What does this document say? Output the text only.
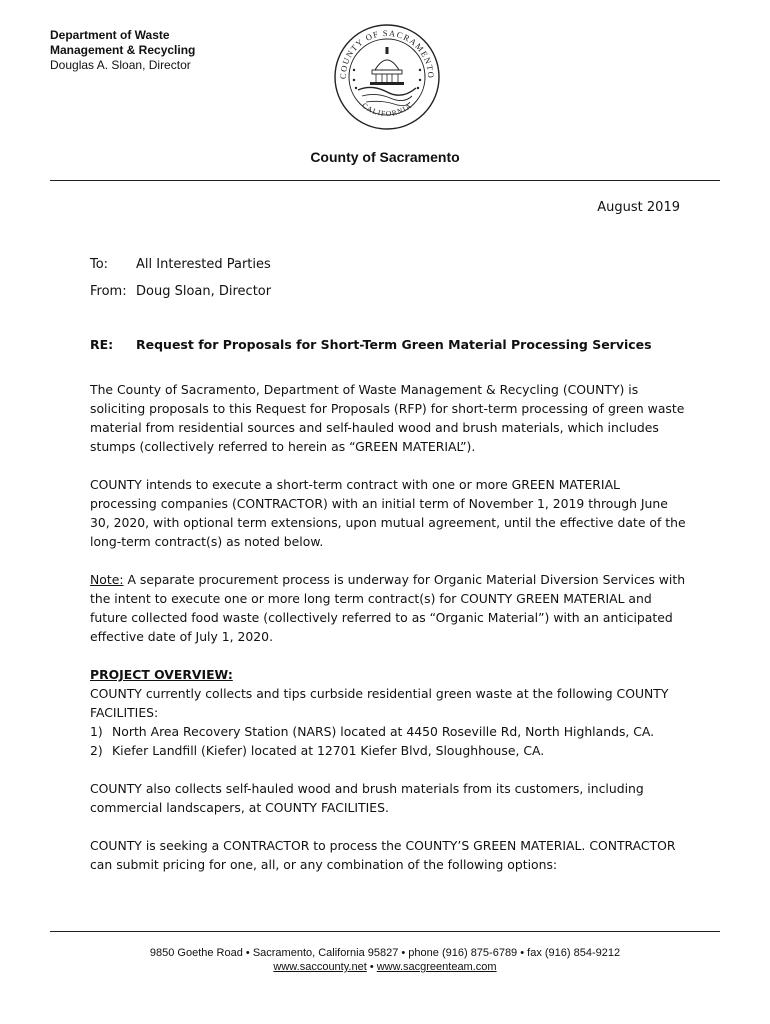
Department of Waste
Management & Recycling
Douglas A. Sloan, Director
COUNTY OF SACRAMENTO
CALIFORNIA
County of Sacramento
August 2019
To: All Interested Parties
From: Doug Sloan, Director
RE: Request for Proposals for Short-Term Green Material Processing Services

The County of Sacramento, Department of Waste Management & Recycling (COUNTY) is soliciting proposals to this Request for Proposals (RFP) for short-term processing of green waste material from residential sources and self-hauled wood and brush materials, which includes stumps (collectively referred to herein as “GREEN MATERIAL”).

COUNTY intends to execute a short-term contract with one or more GREEN MATERIAL processing companies (CONTRACTOR) with an initial term of November 1, 2019 through June 30, 2020, with optional term extensions, upon mutual agreement, until the effective date of the long-term contract(s) as noted below.

Note: A separate procurement process is underway for Organic Material Diversion Services with the intent to execute one or more long term contract(s) for COUNTY GREEN MATERIAL and future collected food waste (collectively referred to as “Organic Material”) with an anticipated effective date of July 1, 2020.

PROJECT OVERVIEW:
COUNTY currently collects and tips curbside residential green waste at the following COUNTY FACILITIES:
1) North Area Recovery Station (NARS) located at 4450 Roseville Rd, North Highlands, CA.
2) Kiefer Landfill (Kiefer) located at 12701 Kiefer Blvd, Sloughhouse, CA.

COUNTY also collects self-hauled wood and brush materials from its customers, including commercial landscapers, at COUNTY FACILITIES.

COUNTY is seeking a CONTRACTOR to process the COUNTY’S GREEN MATERIAL. CONTRACTOR can submit pricing for one, all, or any combination of the following options:

9850 Goethe Road • Sacramento, California 95827 • phone (916) 875-6789 • fax (916) 854-9212
www.saccounty.net • www.sacgreenteam.com
